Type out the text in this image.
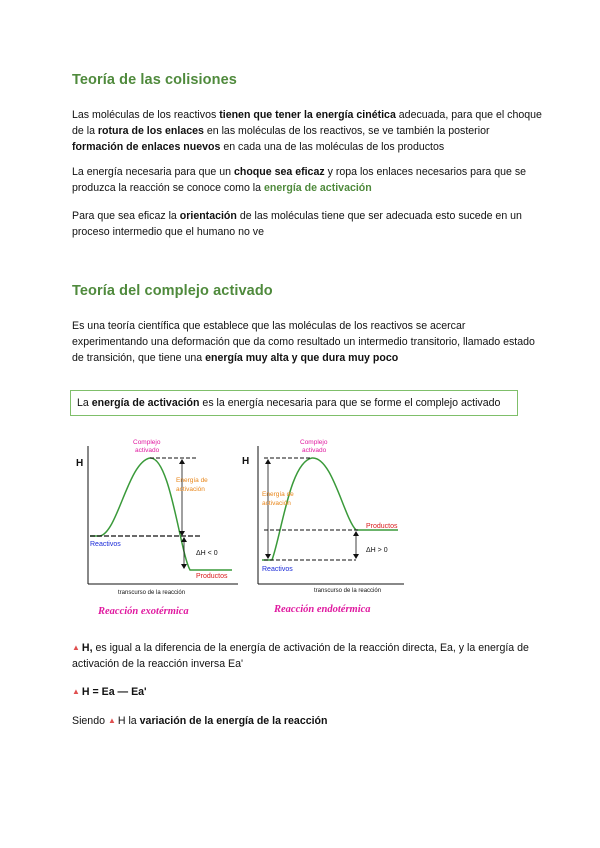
Teoría de las colisiones
Las moléculas de los reactivos tienen que tener la energía cinética adecuada, para que el choque de la rotura de los enlaces en las moléculas de los reactivos, se ve también la posterior formación de enlaces nuevos en cada una de las moléculas de los productos
La energía necesaria para que un choque sea eficaz y ropa los enlaces necesarios para que se produzca la reacción se conoce como la energía de activación
Para que sea eficaz la orientación de las moléculas tiene que ser adecuada esto sucede en un proceso intermedio que el humano no ve
Teoría del complejo activado
Es una teoría científica que establece que las moléculas de los reactivos se acercar experimentando una deformación que da como resultado un intermedio transitorio, llamado estado de transición, que tiene una energía muy alta y que dura muy poco
La energía de activación es la energía necesaria para que se forme el complejo activado
H
Complejo
activado
Energía de
activación
ΔH < 0
Reactivos
Productos
transcurso de la reacción
Reacción exotérmica
H
Complejo
activado
Energía de
activación
ΔH > 0
Reactivos
Productos
transcurso de la reacción
Reacción endotérmica
▲ H, es igual a la diferencia de la energía de activación de la reacción directa, Ea, y la energía de activación de la reacción inversa Ea'
▲ H = Ea — Ea'
Siendo ▲ H la variación de la energía de la reacción
